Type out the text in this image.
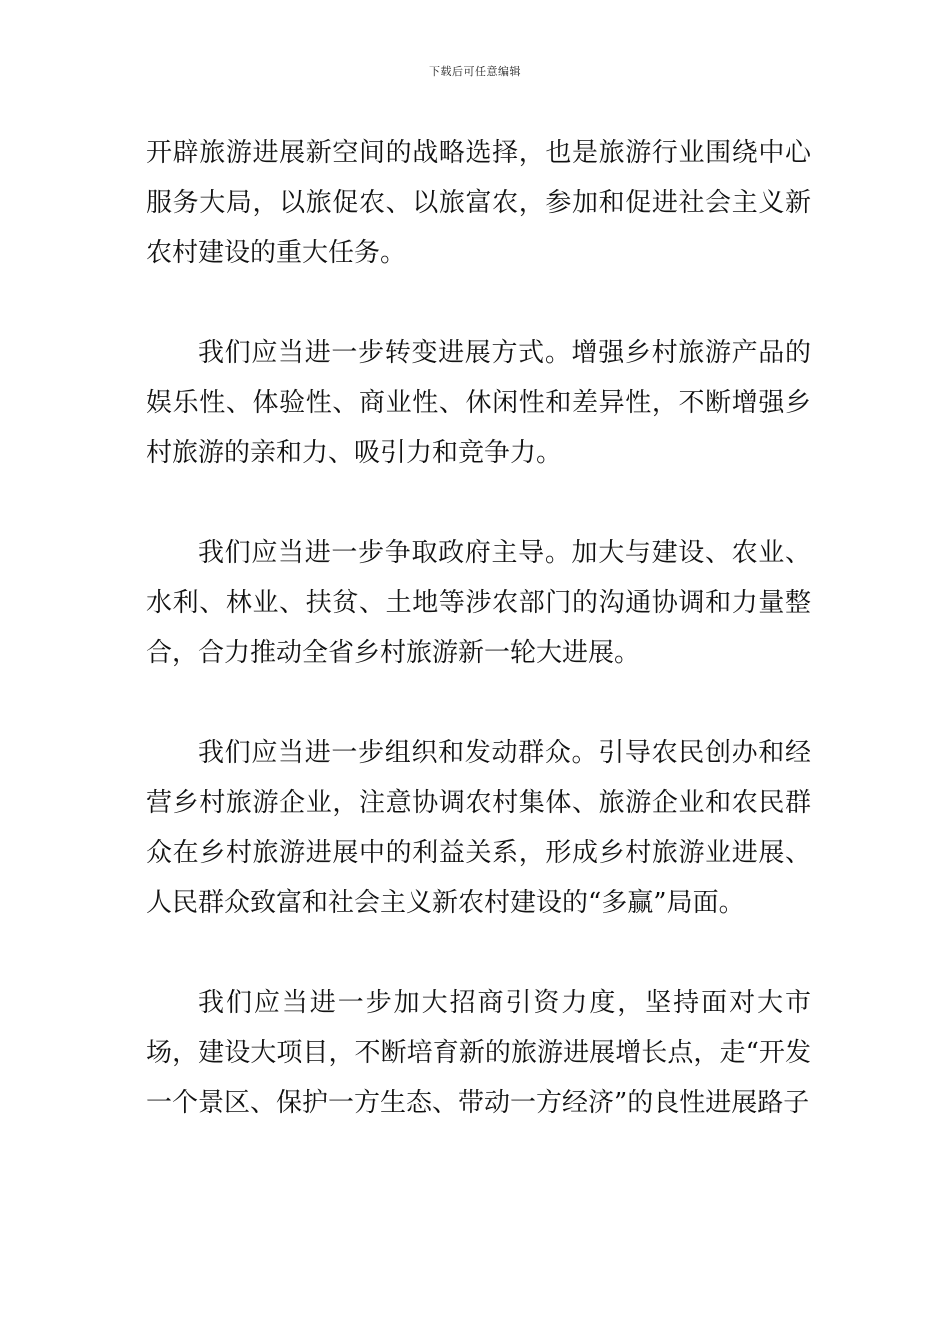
下载后可任意编辑

开辟旅游进展新空间的战略选择，也是旅游行业围绕中心服务大局，以旅促农、以旅富农，参加和促进社会主义新农村建设的重大任务。

我们应当进一步转变进展方式。增强乡村旅游产品的娱乐性、体验性、商业性、休闲性和差异性，不断增强乡村旅游的亲和力、吸引力和竞争力。

我们应当进一步争取政府主导。加大与建设、农业、水利、林业、扶贫、土地等涉农部门的沟通协调和力量整合，合力推动全省乡村旅游新一轮大进展。

我们应当进一步组织和发动群众。引导农民创办和经营乡村旅游企业，注意协调农村集体、旅游企业和农民群众在乡村旅游进展中的利益关系，形成乡村旅游业进展、人民群众致富和社会主义新农村建设的“多赢”局面。

我们应当进一步加大招商引资力度，坚持面对大市场，建设大项目，不断培育新的旅游进展增长点，走“开发一个景区、保护一方生态、带动一方经济”的良性进展路子
